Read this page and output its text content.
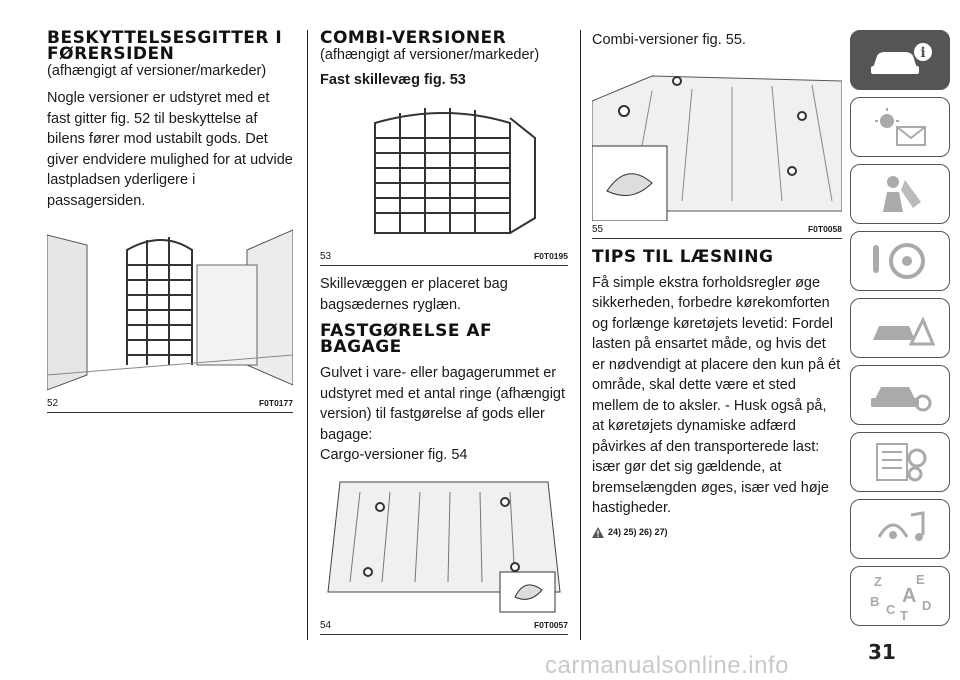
BESKYTTELSESGITTER I FØRERSIDEN
(afhængigt af versioner/markeder)

Nogle versioner er udstyret med et fast gitter fig. 52 til beskyttelse af bilens fører mod ustabilt gods. Det giver endvidere mulighed for at udvide lastpladsen yderligere i passagersiden.

52	F0T0177
COMBI-VERSIONER
(afhængigt af versioner/markeder)
Fast skillevæg fig. 53
53	F0T0195

Skillevæggen er placeret bag bagsædernes ryglæn.

FASTGØRELSE AF BAGAGE

Gulvet i vare- eller bagagerummet er udstyret med et antal ringe (afhængigt version) til fastgørelse af gods eller bagage:
Cargo-versioner fig. 54

54	F0T0057

Combi-versioner fig. 55.

55	F0T0058
TIPS TIL LÆSNING

Få simple ekstra forholdsregler øge sikkerheden, forbedre kørekomforten og forlænge køretøjets levetid: Fordel lasten på ensartet måde, og hvis det er nødvendigt at placere den kun på ét område, skal dette være et sted mellem de to aksler. - Husk også på, at køretøjets dynamiske adfærd påvirkes af den transporterede last: især gør det sig gældende, at bremselængden øges, især ved høje hastigheder.

24) 25) 26) 27)
i
Z	E
B A
C D
T
31
carmanualsonline.info
